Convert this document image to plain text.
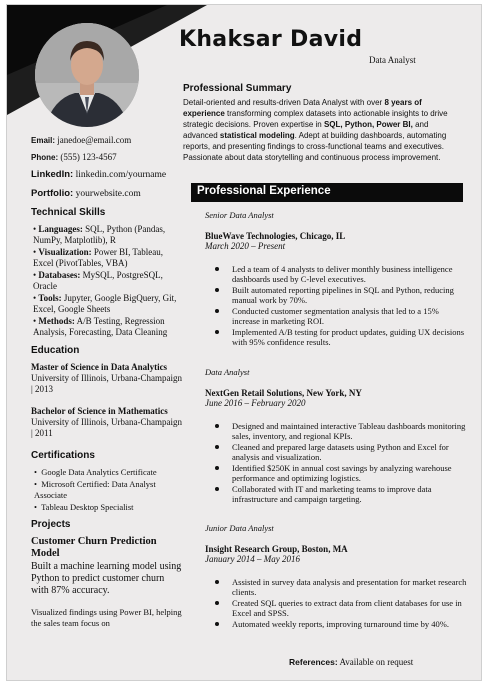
Khaksar David
Data Analyst
Email: janedoe@email.com
Phone: (555) 123-4567
LinkedIn: linkedin.com/yourname
Portfolio: yourwebsite.com
Technical Skills
• Languages: SQL, Python (Pandas, NumPy, Matplotlib), R
• Visualization: Power BI, Tableau, Excel (PivotTables, VBA)
• Databases: MySQL, PostgreSQL, Oracle
• Tools: Jupyter, Google BigQuery, Git, Excel, Google Sheets
• Methods: A/B Testing, Regression Analysis, Forecasting, Data Cleaning
Education
Master of Science in Data Analytics
University of Illinois, Urbana-Champaign | 2013
Bachelor of Science in Mathematics
University of Illinois, Urbana-Champaign | 2011
Certifications
•  Google Data Analytics Certificate
•  Microsoft Certified: Data Analyst Associate
•  Tableau Desktop Specialist
Projects
Customer Churn Prediction Model
Built a machine learning model using Python to predict customer churn with 87% accuracy.
Visualized findings using Power BI, helping the sales team focus on
Professional Summary
Detail-oriented and results-driven Data Analyst with over 8 years of experience transforming complex datasets into actionable insights to drive strategic decisions. Proven expertise in SQL, Python, Power BI, and advanced statistical modeling. Adept at building dashboards, automating reports, and presenting findings to cross-functional teams and executives. Passionate about data storytelling and continuous process improvement.
Professional Experience
Senior Data Analyst
BlueWave Technologies, Chicago, IL
March 2020 – Present
Led a team of 4 analysts to deliver monthly business intelligence dashboards used by C-level executives.
Built automated reporting pipelines in SQL and Python, reducing manual work by 70%.
Conducted customer segmentation analysis that led to a 15% increase in marketing ROI.
Implemented A/B testing for product updates, guiding UX decisions with 95% confidence results.
Data Analyst
NextGen Retail Solutions, New York, NY
June 2016 – February 2020
Designed and maintained interactive Tableau dashboards monitoring sales, inventory, and regional KPIs.
Cleaned and prepared large datasets using Python and Excel for analysis and visualization.
Identified $250K in annual cost savings by analyzing warehouse performance and optimizing logistics.
Collaborated with IT and marketing teams to improve data infrastructure and campaign targeting.
Junior Data Analyst
Insight Research Group, Boston, MA
January 2014 – May 2016
Assisted in survey data analysis and presentation for market research clients.
Created SQL queries to extract data from client databases for use in Excel and SPSS.
Automated weekly reports, improving turnaround time by 40%.
References: Available on request
